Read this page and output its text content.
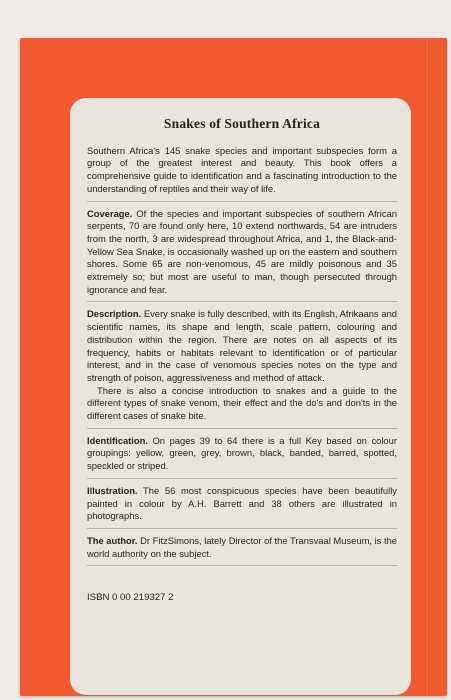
Snakes of Southern Africa

Southern Africa's 145 snake species and important subspecies form a group of the greatest interest and beauty. This book offers a comprehensive guide to identification and a fascinating introduction to the understanding of reptiles and their way of life.

Coverage. Of the species and important subspecies of southern African serpents, 70 are found only here, 10 extend northwards, 54 are intruders from the north, 3 are widespread throughout Africa, and 1, the Black-and-Yellow Sea Snake, is occasionally washed up on the eastern and southern shores. Some 65 are non-venomous, 45 are mildly poisonous and 35 extremely so; but most are useful to man, though persecuted through ignorance and fear.

Description. Every snake is fully described, with its English, Afrikaans and scientific names, its shape and length, scale pattern, colouring and distribution within the region. There are notes on all aspects of its frequency, habits or habitats relevant to identification or of particular interest, and in the case of venomous species notes on the type and strength of poison, aggressiveness and method of attack.

There is also a concise introduction to snakes and a guide to the different types of snake venom, their effect and the do's and don'ts in the different cases of snake bite.

Identification. On pages 39 to 64 there is a full Key based on colour groupings: yellow, green, grey, brown, black, banded, barred, spotted, speckled or striped.

Illustration. The 56 most conspicuous species have been beautifully painted in colour by A.H. Barrett and 38 others are illustrated in photographs.

The author. Dr FitzSimons, lately Director of the Transvaal Museum, is the world authority on the subject.

ISBN 0 00 219327 2
